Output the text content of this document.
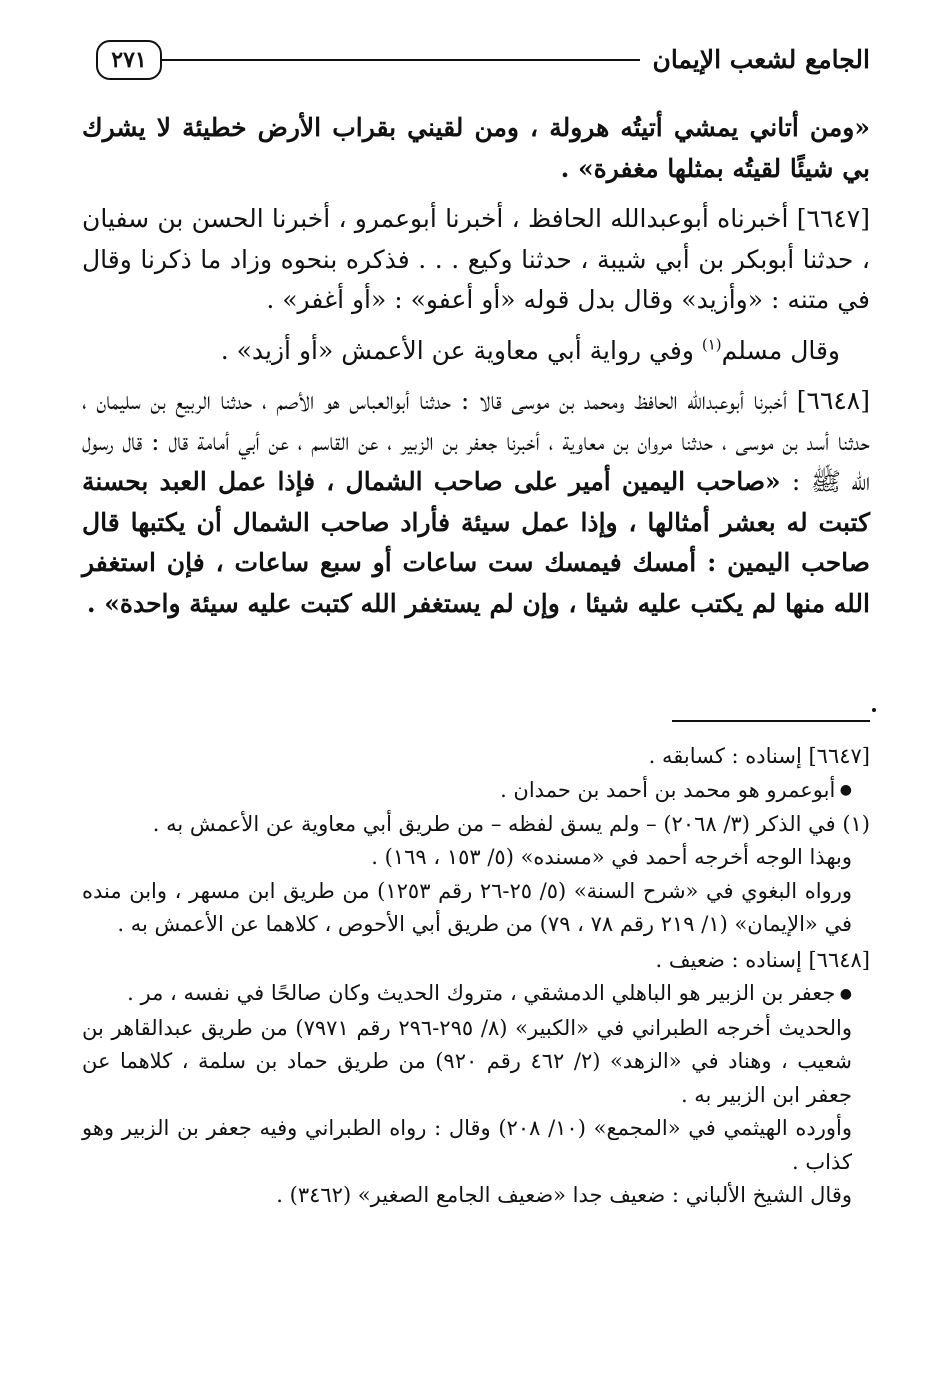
٢٧١	الجامع لشعب الإيمان

«ومن أتاني يمشي أتيتُه هرولة ، ومن لقيني بقراب الأرض خطيئة لا يشرك بي شيئًا لقيتُه بمثلها مغفرة» .

[٦٦٤٧] أخبرناه أبوعبدالله الحافظ ، أخبرنا أبوعمرو ، أخبرنا الحسن بن سفيان ، حدثنا أبوبكر بن أبي شيبة ، حدثنا وكيع . . . فذكره بنحوه وزاد ما ذكرنا وقال في متنه : «وأزيد» وقال بدل قوله «أو أعفو» : «أو أغفر» .

وقال مسلم$^{(١)}$ وفي رواية أبي معاوية عن الأعمش «أو أزيد» .

[٦٦٤٨] أخبرنا أبوعبدالله الحافظ ومحمد بن موسى قالا : حدثنا أبوالعباس هو الأصم ، حدثنا الربيع بن سليمان ، حدثنا أسد بن موسى ، حدثنا مروان بن معاوية ، أخبرنا جعفر بن الزبير ، عن القاسم ، عن أبي أمامة قال : قال رسول الله ﷺ : «صاحب اليمين أمير على صاحب الشمال ، فإذا عمل العبد بحسنة كتبت له بعشر أمثالها ، وإذا عمل سيئة فأراد صاحب الشمال أن يكتبها قال صاحب اليمين : أمسك فيمسك ست ساعات أو سبع ساعات ، فإن استغفر الله منها لم يكتب عليه شيئا ، وإن لم يستغفر الله كتبت عليه سيئة واحدة» .

[٦٦٤٧] إسناده : كسابقه .

● أبوعمرو هو محمد بن أحمد بن حمدان .

(١) في الذكر (٣/ ٢٠٦٨) – ولم يسق لفظه – من طريق أبي معاوية عن الأعمش به .

وبهذا الوجه أخرجه أحمد في «مسنده» (٥/ ١٥٣ ، ١٦٩) .

ورواه البغوي في «شرح السنة» (٥/ ٢٥-٢٦ رقم ١٢٥٣) من طريق ابن مسهر ، وابن منده في «الإيمان» (١/ ٢١٩ رقم ٧٨ ، ٧٩) من طريق أبي الأحوص ، كلاهما عن الأعمش به .

[٦٦٤٨] إسناده : ضعيف .

● جعفر بن الزبير هو الباهلي الدمشقي ، متروك الحديث وكان صالحًا في نفسه ، مر .

والحديث أخرجه الطبراني في «الكبير» (٨/ ٢٩٥-٢٩٦ رقم ٧٩٧١) من طريق عبدالقاهر بن شعيب ، وهناد في «الزهد» (٢/ ٤٦٢ رقم ٩٢٠) من طريق حماد بن سلمة ، كلاهما عن جعفر ابن الزبير به .

وأورده الهيثمي في «المجمع» (١٠/ ٢٠٨) وقال : رواه الطبراني وفيه جعفر بن الزبير وهو كذاب .

وقال الشيخ الألباني : ضعيف جدا «ضعيف الجامع الصغير» (٣٤٦٢) .
